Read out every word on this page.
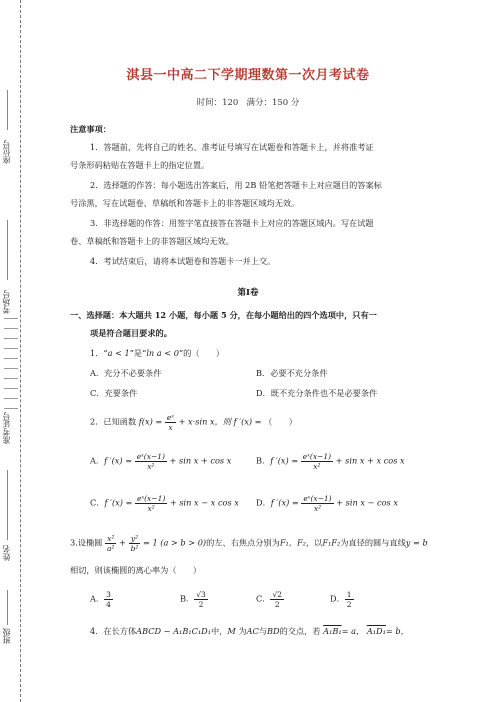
座位号
考场号
准考证号
姓名
班级
淇县一中高二下学期理数第一次月考试卷
时间：120 满分：150 分
注意事项：
1．答题前，先将自己的姓名、准考证号填写在试题卷和答题卡上，并将准考证
号条形码粘贴在答题卡上的指定位置。
2．选择题的作答：每小题选出答案后，用 2B 铅笔把答题卡上对应题目的答案标
号涂黑，写在试题卷、草稿纸和答题卡上的非答题区域均无效。
3．非选择题的作答：用签字笔直接答在答题卡上对应的答题区域内。写在试题
卷、草稿纸和答题卡上的非答题区域均无效。
4．考试结束后，请将本试题卷和答题卡一并上交。
第Ⅰ卷
一、选择题：本大题共 12 小题，每小题 5 分，在每小题给出的四个选项中，只有一
项是符合题目要求的。
1．“a < 1”是“ln a < 0”的（　　）
A．充分不必要条件	B．必要不充分条件
C．充要条件	D．既不充分条件也不是必要条件
2．已知函数 $f(x) = \frac{\text{eˣ}}{x} + x\cdot\sin$ x，则 f ′(x) = （　　）
A．f $'(x) = \frac{\text{eˣ(x−1)}}{\text{x²}} + \sin x + \cos x$	B．f $'(x) = \frac{\text{eˣ(x−1)}}{\text{x²}} + \sin x + x$ cos x
C．f $'(x) = \frac{\text{eˣ(x−1)}}{\text{x²}} + \sin x - x$ cos x D．f $'(x) = \frac{\text{eˣ(x−1)}}{\text{x²}} + \sin x - \cos x$
3.设椭圆 $\frac{\text{x²}}{\text{a²}} + \frac{\text{y²}}{\text{b²}} = 1$ (a > b > 0)的左、右焦点分别为F₁，F₂，以F₁F₂为直径的圆与直线y = b
相切，则该椭圆的离心率为（　　）
A． $\frac{3}{4}$	B． $\frac{√3}{2}$	C． $\frac{√2}{2}$	D． $\frac{1}{2}$
4．在长方体ABCD − A₁B₁C₁D₁中，M 为AC与BD的交点，若 A₁B₁= a， A₁D₁= b，
